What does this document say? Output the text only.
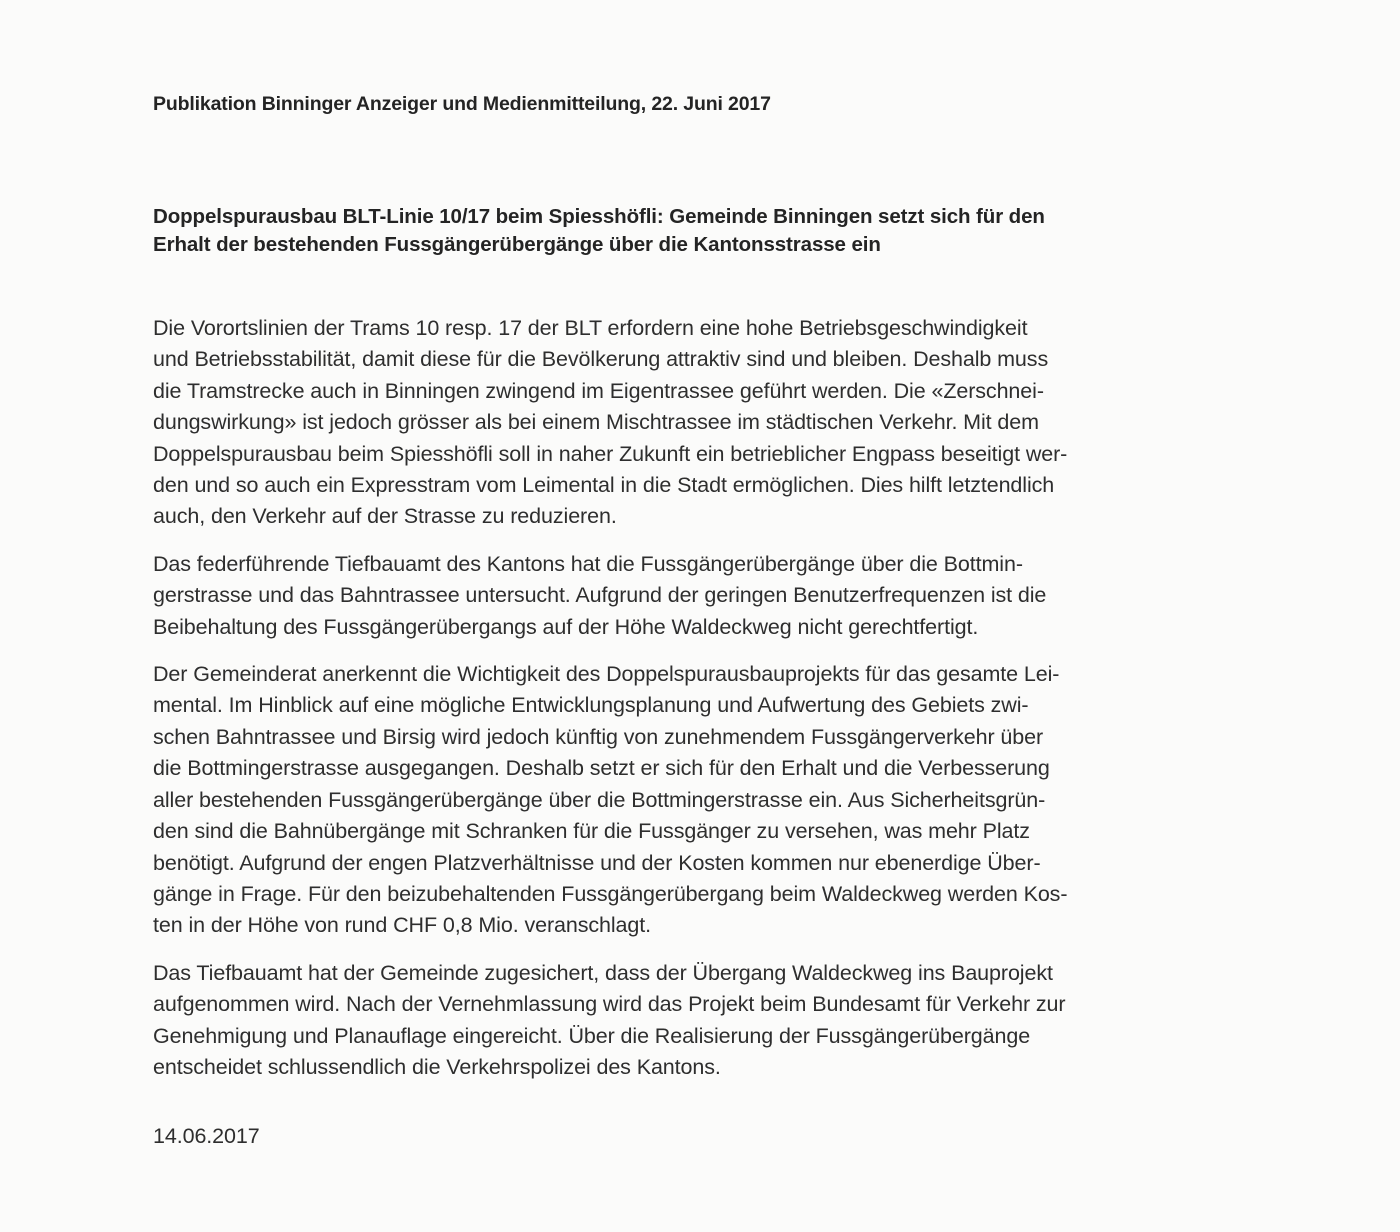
Publikation Binninger Anzeiger und Medienmitteilung, 22. Juni 2017
Doppelspurausbau BLT-Linie 10/17 beim Spiesshöfli: Gemeinde Binningen setzt sich für den
Erhalt der bestehenden Fussgängerübergänge über die Kantonsstrasse ein

Die Vorortslinien der Trams 10 resp. 17 der BLT erfordern eine hohe Betriebsgeschwindigkeit
und Betriebsstabilität, damit diese für die Bevölkerung attraktiv sind und bleiben. Deshalb muss
die Tramstrecke auch in Binningen zwingend im Eigentrassee geführt werden. Die «Zerschnei-
dungswirkung» ist jedoch grösser als bei einem Mischtrassee im städtischen Verkehr. Mit dem
Doppelspurausbau beim Spiesshöfli soll in naher Zukunft ein betrieblicher Engpass beseitigt wer-
den und so auch ein Expresstram vom Leimental in die Stadt ermöglichen. Dies hilft letztendlich
auch, den Verkehr auf der Strasse zu reduzieren.

Das federführende Tiefbauamt des Kantons hat die Fussgängerübergänge über die Bottmin-
gerstrasse und das Bahntrassee untersucht. Aufgrund der geringen Benutzerfrequenzen ist die
Beibehaltung des Fussgängerübergangs auf der Höhe Waldeckweg nicht gerechtfertigt.

Der Gemeinderat anerkennt die Wichtigkeit des Doppelspurausbauprojekts für das gesamte Lei-
mental. Im Hinblick auf eine mögliche Entwicklungsplanung und Aufwertung des Gebiets zwi-
schen Bahntrassee und Birsig wird jedoch künftig von zunehmendem Fussgängerverkehr über
die Bottmingerstrasse ausgegangen. Deshalb setzt er sich für den Erhalt und die Verbesserung
aller bestehenden Fussgängerübergänge über die Bottmingerstrasse ein. Aus Sicherheitsgrün-
den sind die Bahnübergänge mit Schranken für die Fussgänger zu versehen, was mehr Platz
benötigt. Aufgrund der engen Platzverhältnisse und der Kosten kommen nur ebenerdige Über-
gänge in Frage. Für den beizubehaltenden Fussgängerübergang beim Waldeckweg werden Kos-
ten in der Höhe von rund CHF 0,8 Mio. veranschlagt.

Das Tiefbauamt hat der Gemeinde zugesichert, dass der Übergang Waldeckweg ins Bauprojekt
aufgenommen wird. Nach der Vernehmlassung wird das Projekt beim Bundesamt für Verkehr zur
Genehmigung und Planauflage eingereicht. Über die Realisierung der Fussgängerübergänge
entscheidet schlussendlich die Verkehrspolizei des Kantons.

14.06.2017
